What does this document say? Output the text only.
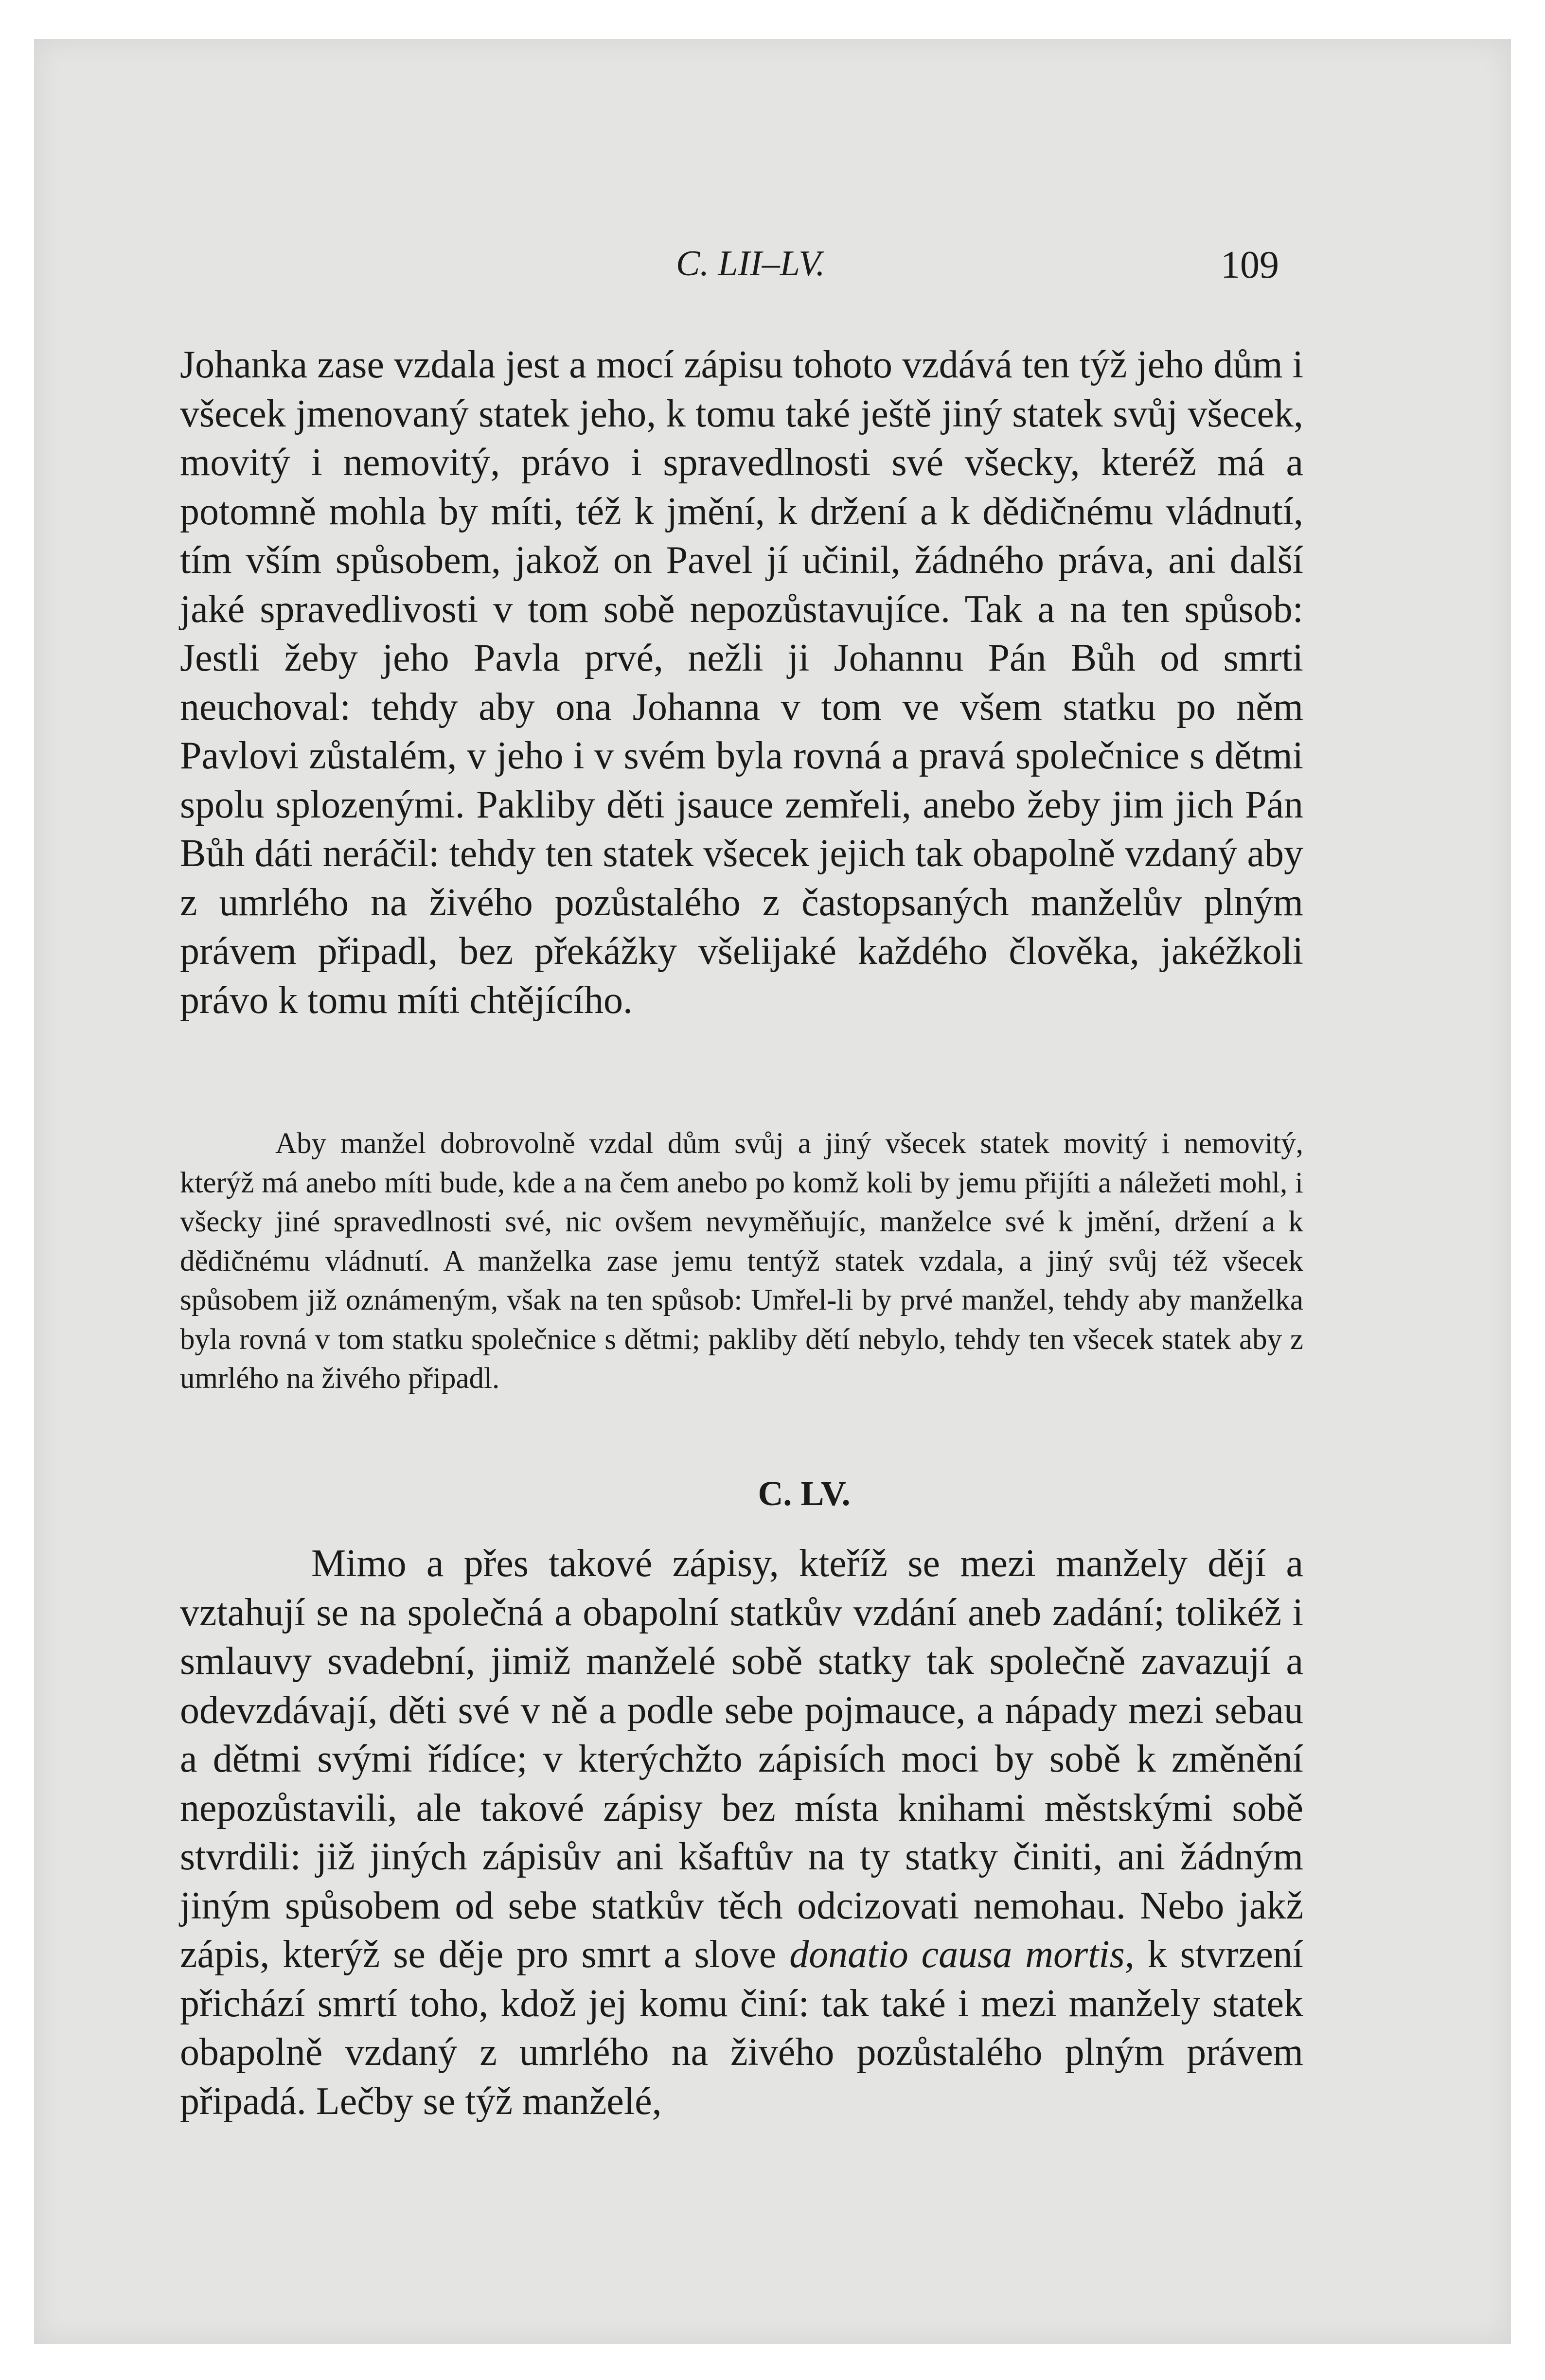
C. LII–LV.	109

Johanka zase vzdala jest a mocí zápisu tohoto vzdává ten týž jeho dům i všecek jmenovaný statek jeho, k tomu také ještě jiný statek svůj všecek, movitý i nemovitý, právo i spravedlnosti své všecky, kteréž má a potomně mohla by míti, též k jmění, k držení a k dědičnému vládnutí, tím vším spůsobem, jakož on Pavel jí učinil, žádného práva, ani další jaké spravedlivosti v tom sobě nepozůstavujíce. Tak a na ten spůsob: Jestli žeby jeho Pavla prvé, nežli ji Johannu Pán Bůh od smrti neuchoval: tehdy aby ona Johanna v tom ve všem statku po něm Pavlovi zůstalém, v jeho i v svém byla rovná a pravá společnice s dětmi spolu splozenými. Pakliby děti jsauce zemřeli, anebo žeby jim jich Pán Bůh dáti neráčil: tehdy ten statek všecek jejich tak obapolně vzdaný aby z umrlého na živého pozůstalého z častopsaných manželův plným právem připadl, bez překážky všelijaké každého člověka, jakéžkoli právo k tomu míti chtějícího.

Aby manžel dobrovolně vzdal dům svůj a jiný všecek statek movitý i nemovitý, kterýž má anebo míti bude, kde a na čem anebo po komž koli by jemu přijíti a náležeti mohl, i všecky jiné spravedlnosti své, nic ovšem nevyměňujíc, manželce své k jmění, držení a k dědičnému vládnutí. A manželka zase jemu tentýž statek vzdala, a jiný svůj též všecek spůsobem již oznámeným, však na ten spůsob: Umřel-li by prvé manžel, tehdy aby manželka byla rovná v tom statku společnice s dětmi; pakliby dětí nebylo, tehdy ten všecek statek aby z umrlého na živého připadl.

C. LV.

Mimo a přes takové zápisy, kteříž se mezi manžely dějí a vztahují se na společná a obapolní statkův vzdání aneb zadání; tolikéž i smlauvy svadební, jimiž manželé sobě statky tak společně zavazují a odevzdávají, děti své v ně a podle sebe pojmauce, a nápady mezi sebau a dětmi svými řídíce; v kterýchžto zápisích moci by sobě k změnění nepozůstavili, ale takové zápisy bez místa knihami městskými sobě stvrdili: již jiných zápisův ani kšaftův na ty statky činiti, ani žádným jiným spůsobem od sebe statkův těch odcizovati nemohau. Nebo jakž zápis, kterýž se děje pro smrt a slove donatio causa mortis, k stvrzení přichází smrtí toho, kdož jej komu činí: tak také i mezi manžely statek obapolně vzdaný z umrlého na živého pozůstalého plným právem připadá. Lečby se týž manželé,
